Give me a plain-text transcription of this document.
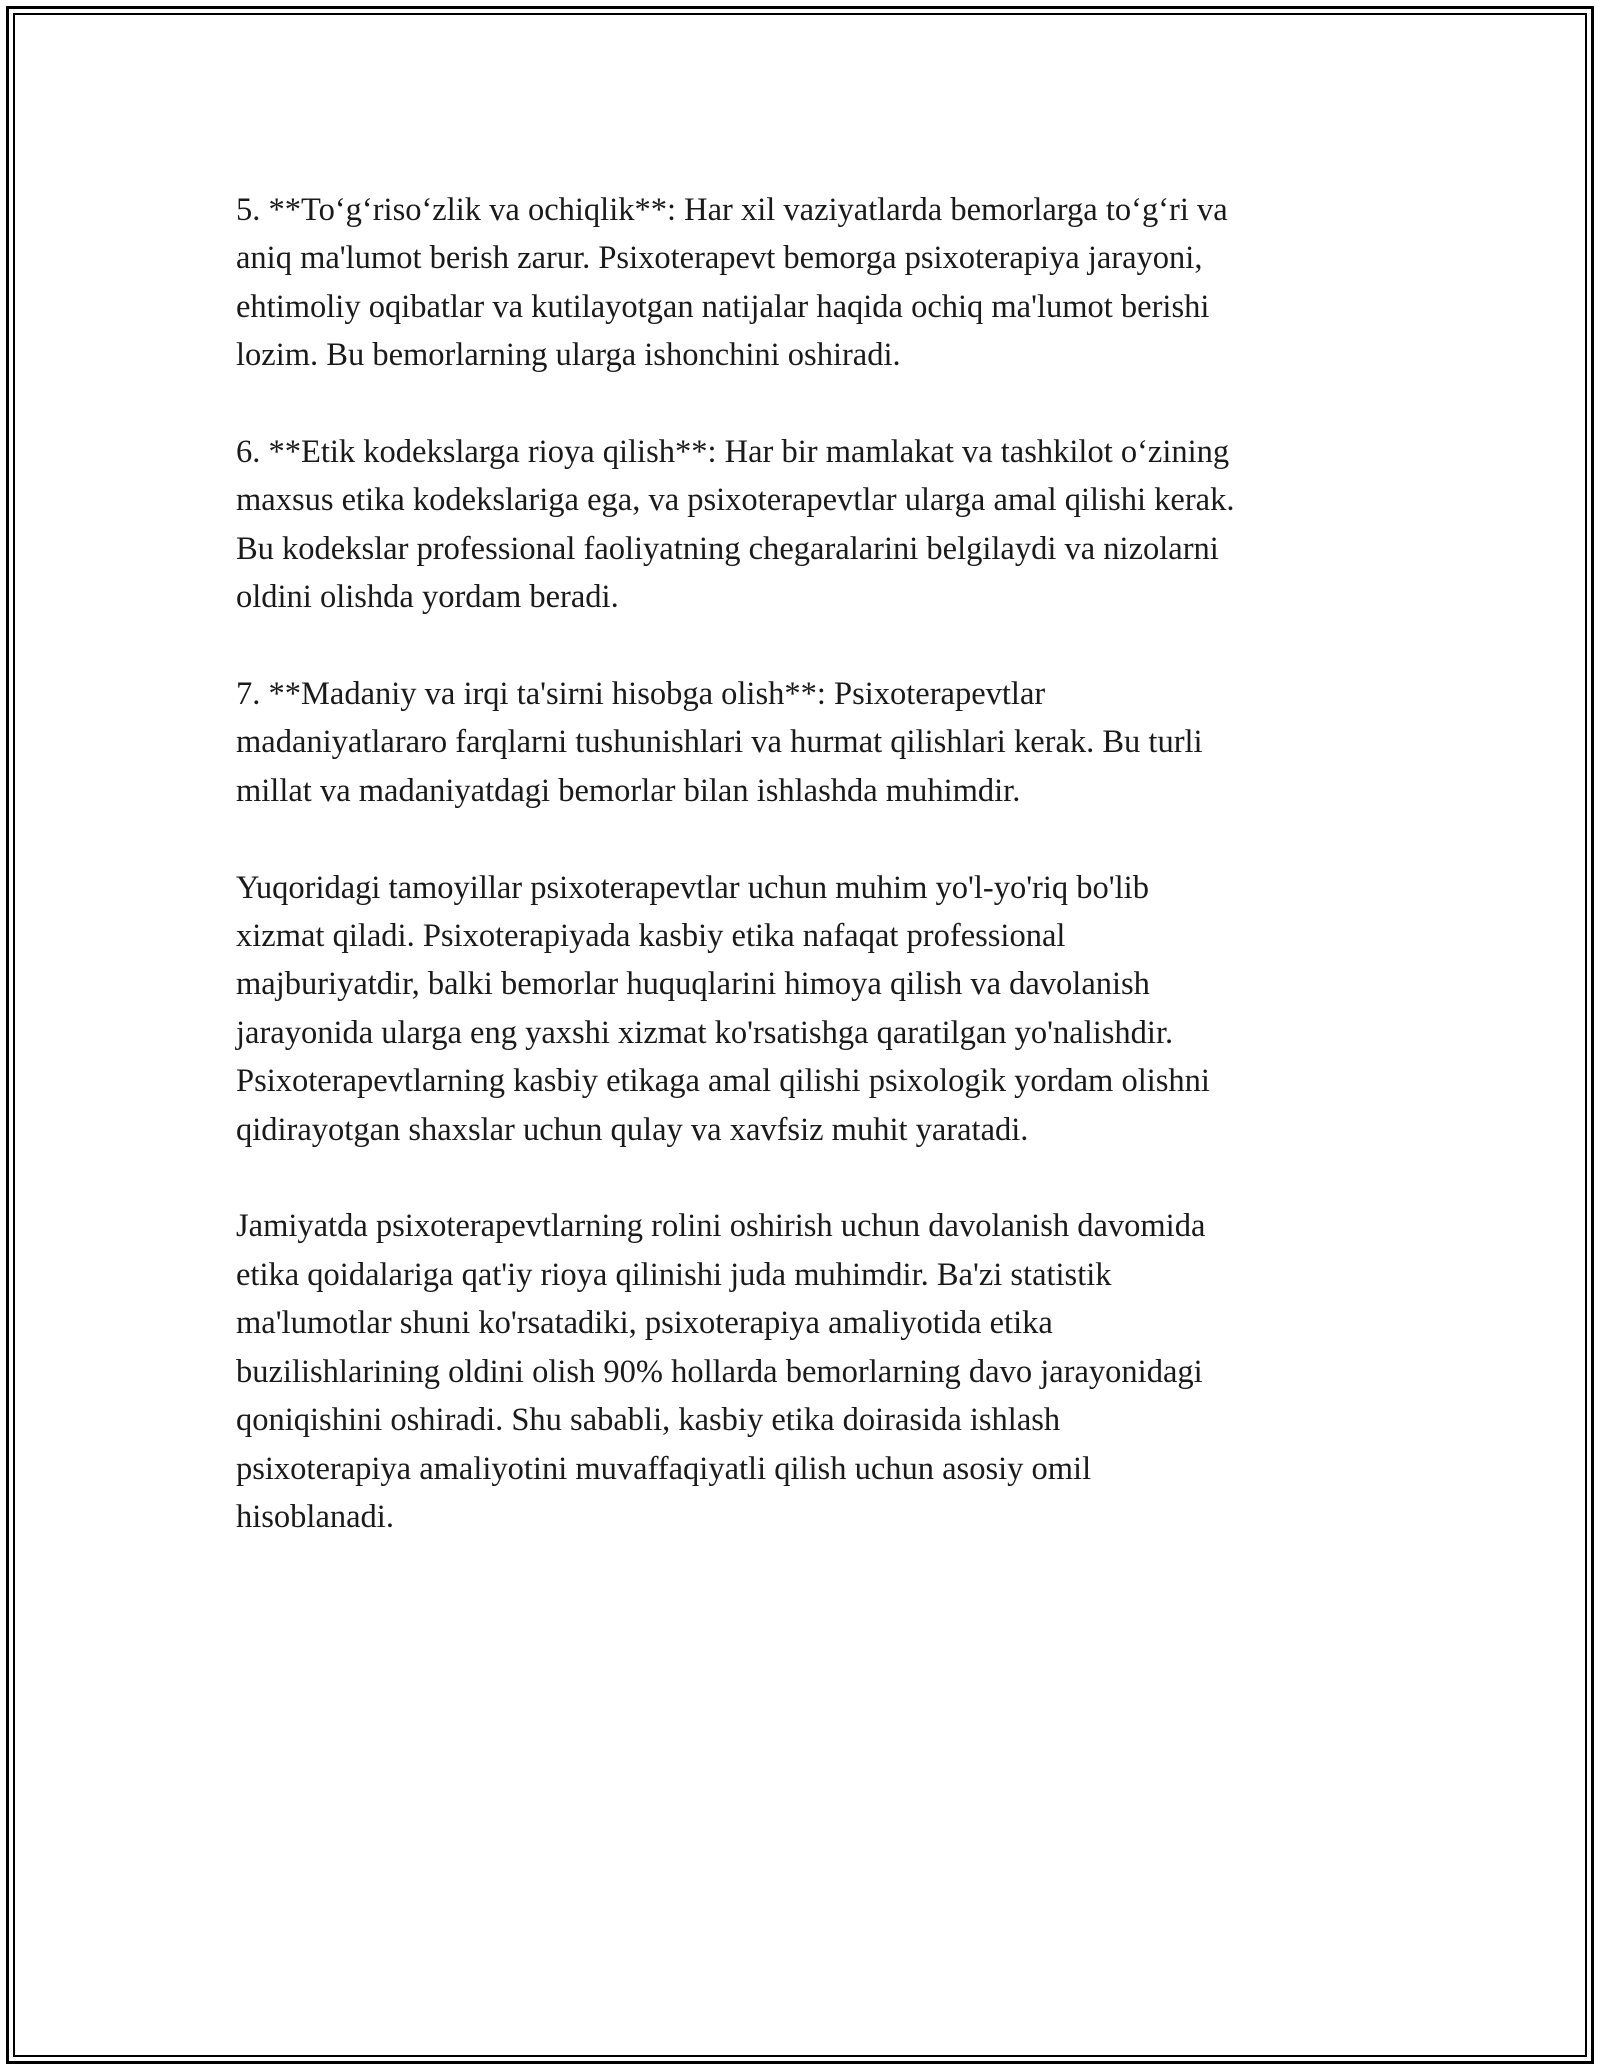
5. **To‘g‘riso‘zlik va ochiqlik**: Har xil vaziyatlarda bemorlarga to‘g‘ri va
aniq ma'lumot berish zarur. Psixoterapevt bemorga psixoterapiya jarayoni,
ehtimoliy oqibatlar va kutilayotgan natijalar haqida ochiq ma'lumot berishi
lozim. Bu bemorlarning ularga ishonchini oshiradi.

6. **Etik kodekslarga rioya qilish**: Har bir mamlakat va tashkilot o‘zining
maxsus etika kodekslariga ega, va psixoterapevtlar ularga amal qilishi kerak.
Bu kodekslar professional faoliyatning chegaralarini belgilaydi va nizolarni
oldini olishda yordam beradi.

7. **Madaniy va irqi ta'sirni hisobga olish**: Psixoterapevtlar
madaniyatlararo farqlarni tushunishlari va hurmat qilishlari kerak. Bu turli
millat va madaniyatdagi bemorlar bilan ishlashda muhimdir.

Yuqoridagi tamoyillar psixoterapevtlar uchun muhim yo'l-yo'riq bo'lib
xizmat qiladi. Psixoterapiyada kasbiy etika nafaqat professional
majburiyatdir, balki bemorlar huquqlarini himoya qilish va davolanish
jarayonida ularga eng yaxshi xizmat ko'rsatishga qaratilgan yo'nalishdir.
Psixoterapevtlarning kasbiy etikaga amal qilishi psixologik yordam olishni
qidirayotgan shaxslar uchun qulay va xavfsiz muhit yaratadi.

Jamiyatda psixoterapevtlarning rolini oshirish uchun davolanish davomida
etika qoidalariga qat'iy rioya qilinishi juda muhimdir. Ba'zi statistik
ma'lumotlar shuni ko'rsatadiki, psixoterapiya amaliyotida etika
buzilishlarining oldini olish 90% hollarda bemorlarning davo jarayonidagi
qoniqishini oshiradi. Shu sababli, kasbiy etika doirasida ishlash
psixoterapiya amaliyotini muvaffaqiyatli qilish uchun asosiy omil
hisoblanadi.
